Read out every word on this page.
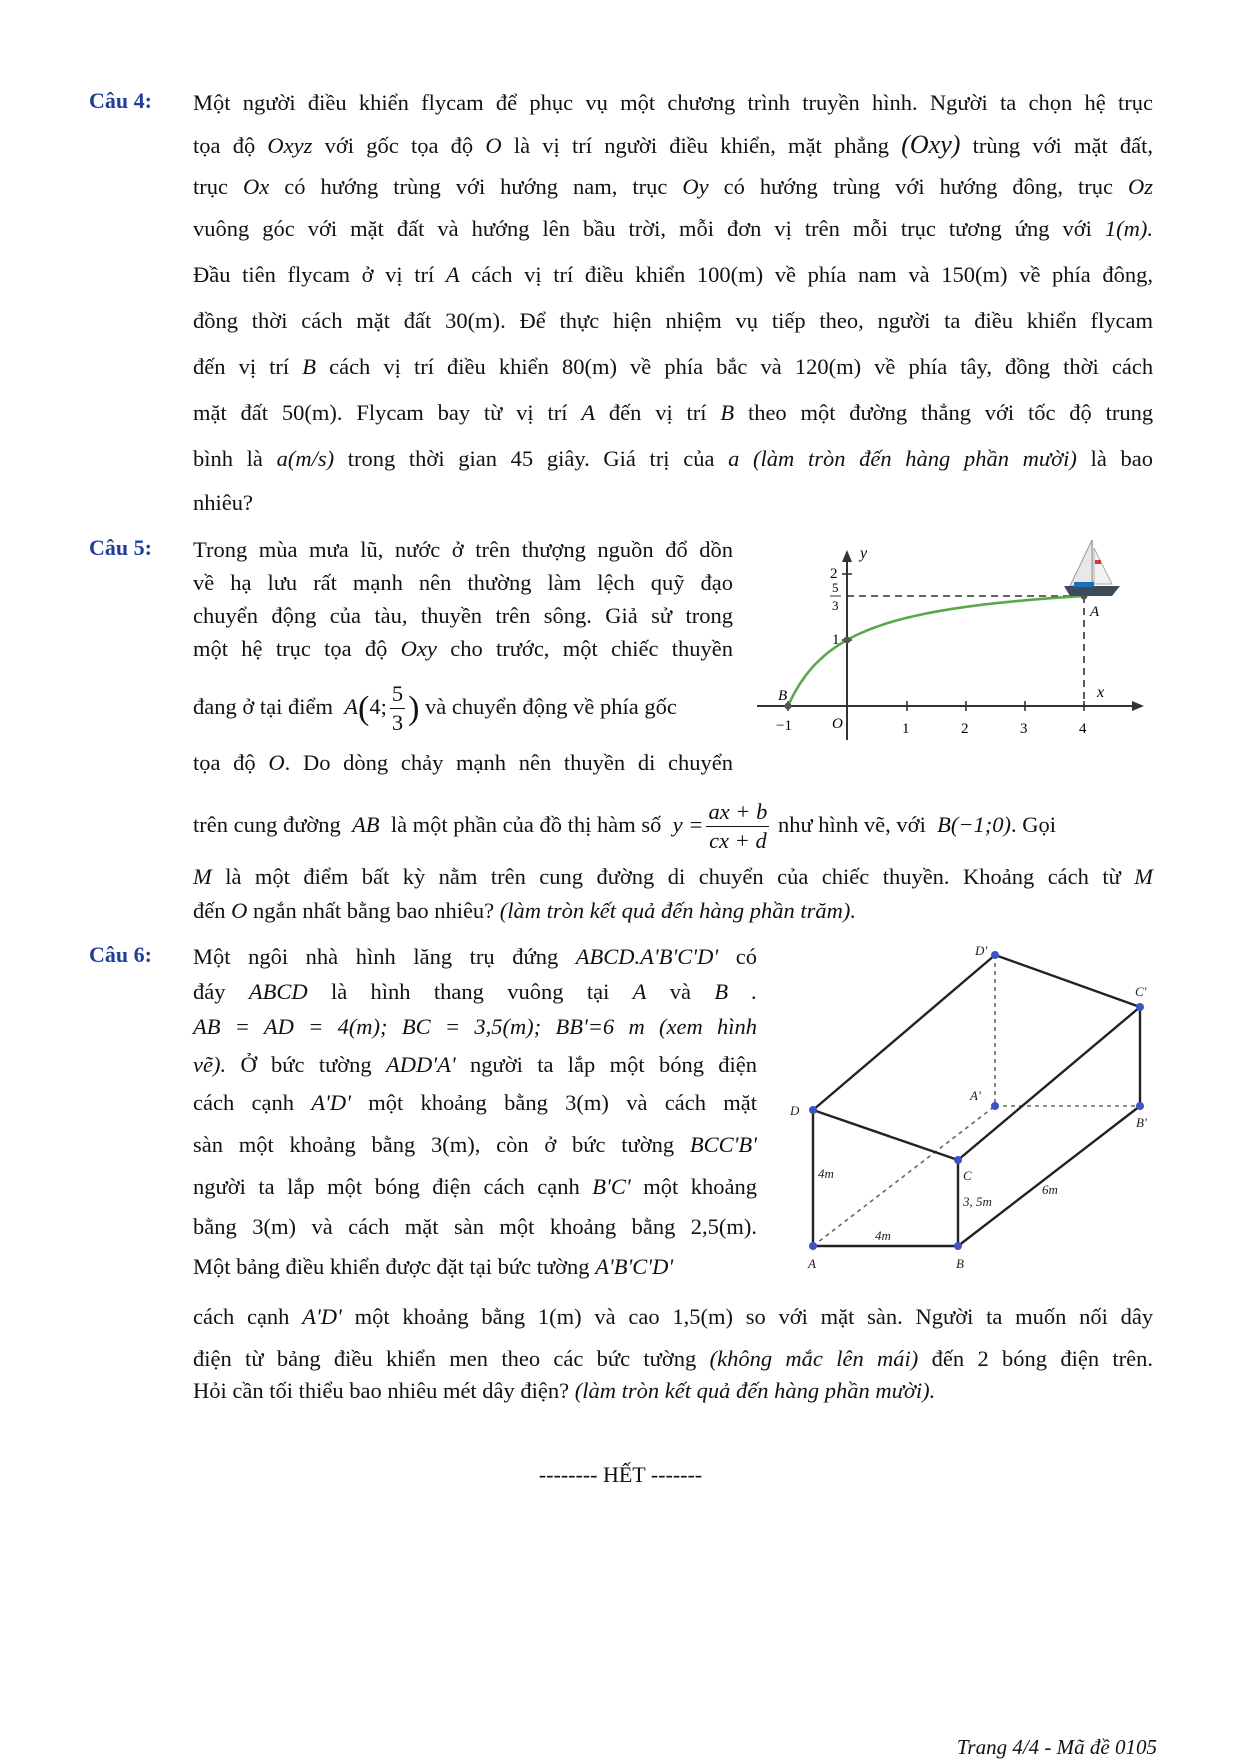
Câu 4: Một người điều khiển flycam để phục vụ một chương trình truyền hình. Người ta chọn hệ trục
tọa độ Oxyz với gốc tọa độ O là vị trí người điều khiển, mặt phẳng (Oxy) trùng với mặt đất,
trục Ox có hướng trùng với hướng nam, trục Oy có hướng trùng với hướng đông, trục Oz
vuông góc với mặt đất và hướng lên bầu trời, mỗi đơn vị trên mỗi trục tương ứng với 1(m).
Đầu tiên flycam ở vị trí A cách vị trí điều khiển 100(m) về phía nam và 150(m) về phía đông,
đồng thời cách mặt đất 30(m). Để thực hiện nhiệm vụ tiếp theo, người ta điều khiển flycam
đến vị trí B cách vị trí điều khiển 80(m) về phía bắc và 120(m) về phía tây, đồng thời cách
mặt đất 50(m). Flycam bay từ vị trí A đến vị trí B theo một đường thẳng với tốc độ trung
bình là a(m/s) trong thời gian 45 giây. Giá trị của a (làm tròn đến hàng phần mười) là bao
nhiêu?
Câu 5: Trong mùa mưa lũ, nước ở trên thượng nguồn đổ dồn
về hạ lưu rất mạnh nên thường làm lệch quỹ đạo
chuyển động của tàu, thuyền trên sông. Giả sử trong
một hệ trục tọa độ Oxy cho trước, một chiếc thuyền
đang ở tại điểm A(4; $\frac{5}{3}$ ) và chuyển động về phía gốc
tọa độ O. Do dòng chảy mạnh nên thuyền di chuyển
trên cung đường AB là một phần của đồ thị hàm số $y = \frac{ax + b}{cx + d}$ như hình vẽ, với B(−1;0). Gọi
M là một điểm bất kỳ nằm trên cung đường di chuyển của chiếc thuyền. Khoảng cách từ M
đến O ngắn nhất bằng bao nhiêu? (làm tròn kết quả đến hàng phần trăm).
y
x
2
1
5
3
O
−1	1	2	3	4
A
B
Câu 6: Một ngôi nhà hình lăng trụ đứng ABCD.A'B'C'D' có
đáy ABCD là hình thang vuông tại A và B .
AB = AD = 4(m); BC = 3,5(m); BB'=6 m (xem hình
vẽ). Ở bức tường ADD'A' người ta lắp một bóng điện
cách cạnh A'D' một khoảng bằng 3(m) và cách mặt
sàn một khoảng bằng 3(m), còn ở bức tường BCC'B'
người ta lắp một bóng điện cách cạnh B'C' một khoảng
bằng 3(m) và cách mặt sàn một khoảng bằng 2,5(m).
Một bảng điều khiển được đặt tại bức tường A'B'C'D'
cách cạnh A'D' một khoảng bằng 1(m) và cao 1,5(m) so với mặt sàn. Người ta muốn nối dây
điện từ bảng điều khiển men theo các bức tường (không mắc lên mái) đến 2 bóng điện trên.
Hỏi cần tối thiểu bao nhiêu mét dây điện? (làm tròn kết quả đến hàng phần mười).
D'
C'
A'
B'
D
C
A	B
4m
3, 5m
6m
4m
-------- HẾT -------
Trang 4/4 - Mã đề 0105
